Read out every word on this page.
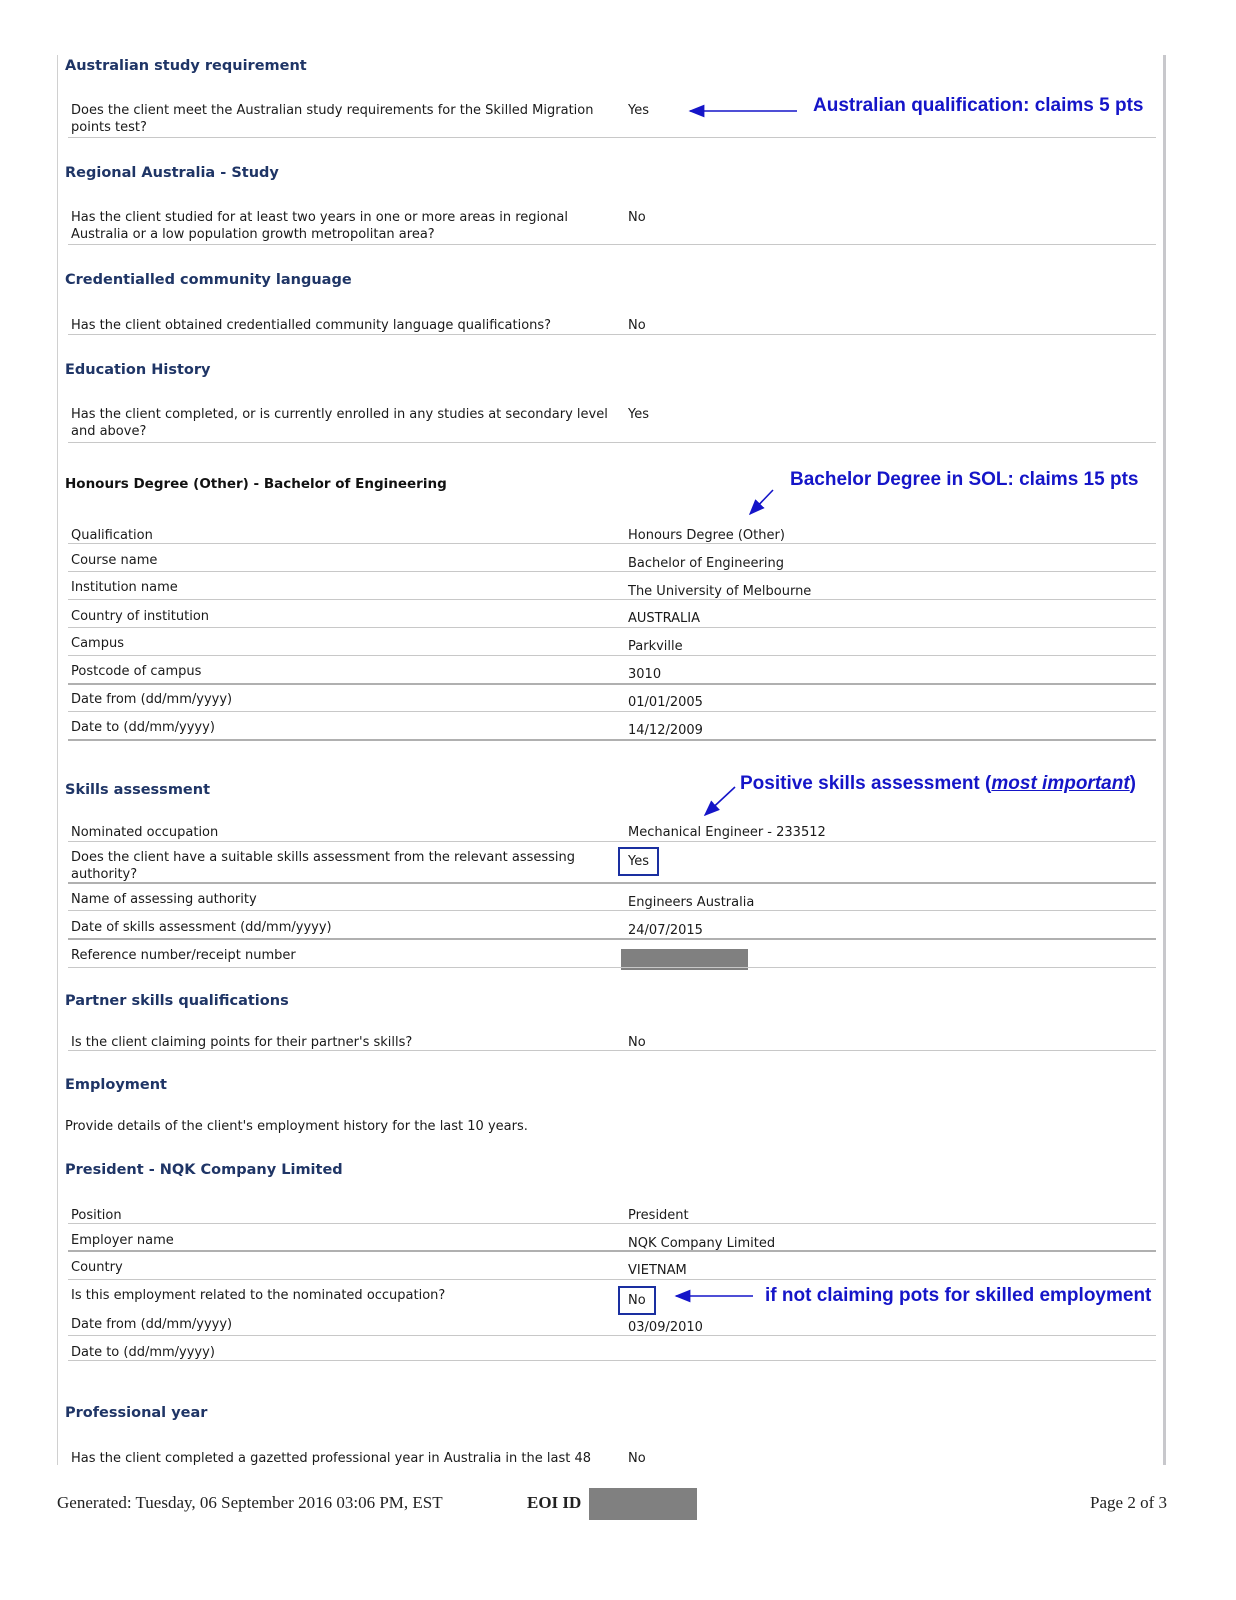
Australian study requirement
Does the client meet the Australian study requirements for the Skilled Migration points test?
Yes
Regional Australia - Study
Has the client studied for at least two years in one or more areas in regional Australia or a low population growth metropolitan area?
No
Credentialled community language
Has the client obtained credentialled community language qualifications?	No
Education History
Has the client completed, or is currently enrolled in any studies at secondary level and above?
Yes
Partner skills qualifications
Is the client claiming points for their partner's skills?	No
Professional year
Has the client completed a gazetted professional year in Australia in the last 48	No
Honours Degree (Other) - Bachelor of Engineering
Qualification	Honours Degree (Other)
Course name	Bachelor of Engineering
Institution name	The University of Melbourne
Country of institution	AUSTRALIA
Campus	Parkville
Postcode of campus	3010
Date from (dd/mm/yyyy)	01/01/2005
Date to (dd/mm/yyyy)	14/12/2009
Skills assessment
Nominated occupation	Mechanical Engineer - 233512
Does the client have a suitable skills assessment from the relevant assessing authority?
Yes
Name of assessing authority	Engineers Australia
Date of skills assessment (dd/mm/yyyy)	24/07/2015
Reference number/receipt number
Employment
Provide details of the client's employment history for the last 10 years.
President - NQK Company Limited
Position	President
Employer name	NQK Company Limited
Country	VIETNAM
Is this employment related to the nominated occupation?	No
Date from (dd/mm/yyyy)	03/09/2010
Date to (dd/mm/yyyy)
Australian qualification: claims 5 pts
Bachelor Degree in SOL: claims 15 pts
Positive skills assessment (most important)
if not claiming pots for skilled employment
Generated: Tuesday, 06 September 2016 03:06 PM, EST	EOI ID	Page 2 of 3
